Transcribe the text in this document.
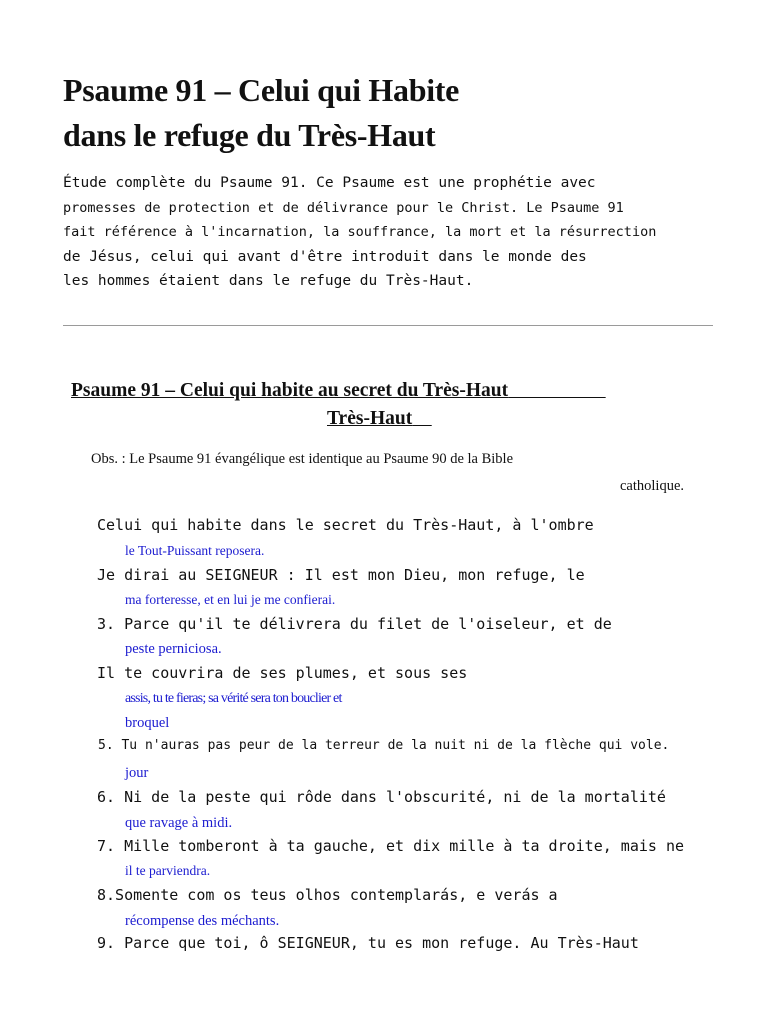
Psaume 91 – Celui qui Habite
dans le refuge du Très-Haut
Étude complète du Psaume 91. Ce Psaume est une prophétie avec
promesses de protection et de délivrance pour le Christ. Le Psaume 91
fait référence à l'incarnation, la souffrance, la mort et la résurrection
de Jésus, celui qui avant d'être introduit dans le monde des
les hommes étaient dans le refuge du Très-Haut.
Psaume 91 – Celui qui habite au secret du Très-Haut
Très-Haut

Obs. : Le Psaume 91 évangélique est identique au Psaume 90 de la Bible

catholique.

Celui qui habite dans le secret du Très-Haut, à l'ombre

le Tout-Puissant reposera.

Je dirai au SEIGNEUR : Il est mon Dieu, mon refuge, le

ma forteresse, et en lui je me confierai.

3. Parce qu'il te délivrera du filet de l'oiseleur, et de

peste perniciosa.

Il te couvrira de ses plumes, et sous ses

assis, tu te fieras; sa vérité sera ton bouclier et

broquel

5. Tu n'auras pas peur de la terreur de la nuit ni de la flèche qui vole.

jour

6. Ni de la peste qui rôde dans l'obscurité, ni de la mortalité

que ravage à midi.

7. Mille tomberont à ta gauche, et dix mille à ta droite, mais ne

il te parviendra.

8.Somente com os teus olhos contemplarás, e verás a

récompense des méchants.

9. Parce que toi, ô SEIGNEUR, tu es mon refuge. Au Très-Haut
